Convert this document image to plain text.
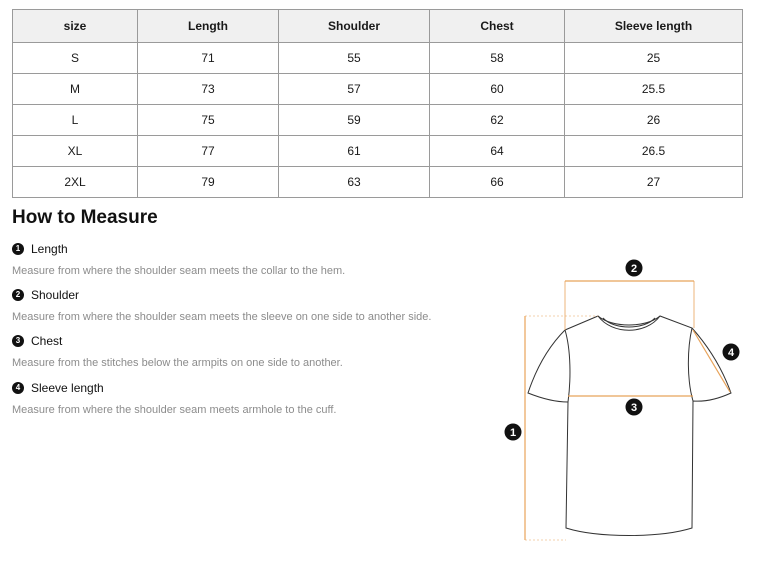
size	Length	Shoulder	Chest	Sleeve length
S	71	55	58	25
M	73	57	60	25.5
L	75	59	62	26
XL	77	61	64	26.5
2XL	79	63	66	27
How to Measure
1 Length
Measure from where the shoulder seam meets the collar to the hem.
2 Shoulder
Measure from where the shoulder seam meets the sleeve on one side to another side.
3 Chest
Measure from the stitches below the armpits on one side to another.
4 Sleeve length
Measure from where the shoulder seam meets armhole to the cuff.
1
2
3
4
